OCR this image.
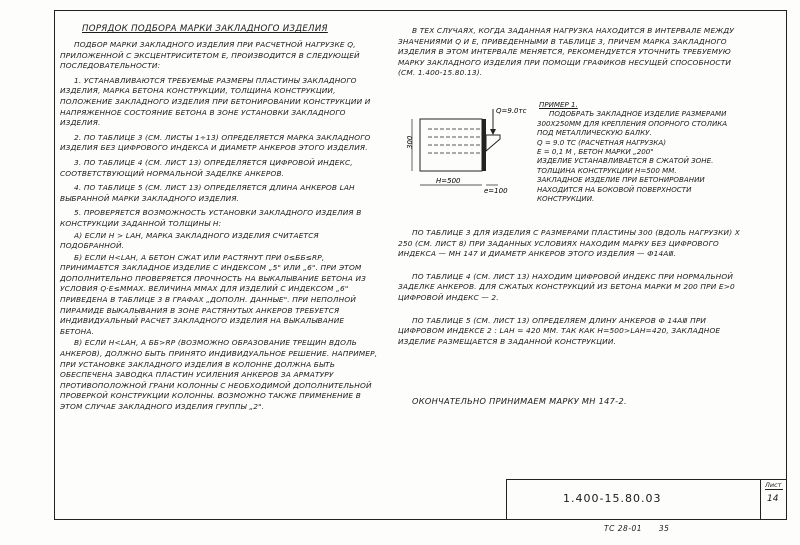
ПОРЯДОК ПОДБОРА МАРКИ ЗАКЛАДНОГО ИЗДЕЛИЯ

ПОДБОР МАРКИ ЗАКЛАДНОГО ИЗДЕЛИЯ ПРИ РАСЧЕТНОЙ НАГРУЗКЕ Q, ПРИЛОЖЕННОЙ С ЭКСЦЕНТРИСИТЕТОМ Е, ПРОИЗВОДИТСЯ В СЛЕДУЮЩЕЙ ПОСЛЕДОВАТЕЛЬНОСТИ:

1. УСТАНАВЛИВАЮТСЯ ТРЕБУЕМЫЕ РАЗМЕРЫ ПЛАСТИНЫ ЗАКЛАДНОГО ИЗДЕЛИЯ, МАРКА БЕТОНА КОНСТРУКЦИИ, ТОЛЩИНА КОНСТРУКЦИИ, ПОЛОЖЕНИЕ ЗАКЛАДНОГО ИЗДЕЛИЯ ПРИ БЕТОНИРОВАНИИ КОНСТРУКЦИИ И НАПРЯЖЕННОЕ СОСТОЯНИЕ БЕТОНА В ЗОНЕ УСТАНОВКИ ЗАКЛАДНОГО ИЗДЕЛИЯ.

2. ПО ТАБЛИЦЕ 3 (СМ. ЛИСТЫ 1÷13) ОПРЕДЕЛЯЕТСЯ МАРКА ЗАКЛАДНОГО ИЗДЕЛИЯ БЕЗ ЦИФРОВОГО ИНДЕКСА И ДИАМЕТР АНКЕРОВ ЭТОГО ИЗДЕЛИЯ.

3. ПО ТАБЛИЦЕ 4 (СМ. ЛИСТ 13) ОПРЕДЕЛЯЕТСЯ ЦИФРОВОЙ ИНДЕКС, СООТВЕТСТВУЮЩИЙ НОРМАЛЬНОЙ ЗАДЕЛКЕ АНКЕРОВ.

4. ПО ТАБЛИЦЕ 5 (СМ. ЛИСТ 13) ОПРЕДЕЛЯЕТСЯ ДЛИНА АНКЕРОВ LАН ВЫБРАННОЙ МАРКИ ЗАКЛАДНОГО ИЗДЕЛИЯ.

5. ПРОВЕРЯЕТСЯ ВОЗМОЖНОСТЬ УСТАНОВКИ ЗАКЛАДНОГО ИЗДЕЛИЯ В КОНСТРУКЦИИ ЗАДАННОЙ ТОЛЩИНЫ Н:

А) ЕСЛИ Н > LАН, МАРКА ЗАКЛАДНОГО ИЗДЕЛИЯ СЧИТАЕТСЯ ПОДОБРАННОЙ.

Б) ЕСЛИ Н<LАН, А БЕТОН СЖАТ ИЛИ РАСТЯНУТ ПРИ 0≤ББ≤RР, ПРИНИМАЕТСЯ ЗАКЛАДНОЕ ИЗДЕЛИЕ С ИНДЕКСОМ „5" ИЛИ „6". ПРИ ЭТОМ ДОПОЛНИТЕЛЬНО ПРОВЕРЯЕТСЯ ПРОЧНОСТЬ НА ВЫКАЛЫВАНИЕ БЕТОНА ИЗ УСЛОВИЯ Q·Е≤MMAX. ВЕЛИЧИНА MMAX ДЛЯ ИЗДЕЛИЙ С ИНДЕКСОМ „6" ПРИВЕДЕНА В ТАБЛИЦЕ 3 В ГРАФАХ „ДОПОЛН. ДАННЫЕ". ПРИ НЕПОЛНОЙ ПИРАМИДЕ ВЫКАЛЫВАНИЯ В ЗОНЕ РАСТЯНУТЫХ АНКЕРОВ ТРЕБУЕТСЯ ИНДИВИДУАЛЬНЫЙ РАСЧЕТ ЗАКЛАДНОГО ИЗДЕЛИЯ НА ВЫКАЛЫВАНИЕ БЕТОНА.

В) ЕСЛИ Н<LАН, А ББ>RР (ВОЗМОЖНО ОБРАЗОВАНИЕ ТРЕЩИН ВДОЛЬ АНКЕРОВ), ДОЛЖНО БЫТЬ ПРИНЯТО ИНДИВИДУАЛЬНОЕ РЕШЕНИЕ. НАПРИМЕР, ПРИ УСТАНОВКЕ ЗАКЛАДНОГО ИЗДЕЛИЯ В КОЛОННЕ ДОЛЖНА БЫТЬ ОБЕСПЕЧЕНА ЗАВОДКА ПЛАСТИН УСИЛЕНИЯ АНКЕРОВ ЗА АРМАТУРУ ПРОТИВОПОЛОЖНОЙ ГРАНИ КОЛОННЫ С НЕОБХОДИМОЙ ДОПОЛНИТЕЛЬНОЙ ПРОВЕРКОЙ КОНСТРУКЦИИ КОЛОННЫ. ВОЗМОЖНО ТАКЖЕ ПРИМЕНЕНИЕ В ЭТОМ СЛУЧАЕ ЗАКЛАДНОГО ИЗДЕЛИЯ ГРУППЫ „2".

В ТЕХ СЛУЧАЯХ, КОГДА ЗАДАННАЯ НАГРУЗКА НАХОДИТСЯ В ИНТЕРВАЛЕ МЕЖДУ ЗНАЧЕНИЯМИ Q И Е, ПРИВЕДЕННЫМИ В ТАБЛИЦЕ 3, ПРИЧЕМ МАРКА ЗАКЛАДНОГО ИЗДЕЛИЯ В ЭТОМ ИНТЕРВАЛЕ МЕНЯЕТСЯ, РЕКОМЕНДУЕТСЯ УТОЧНИТЬ ТРЕБУЕМУЮ МАРКУ ЗАКЛАДНОГО ИЗДЕЛИЯ ПРИ ПОМОЩИ ГРАФИКОВ НЕСУЩЕЙ СПОСОБНОСТИ (СМ. 1.400-15.80.13).

Q=9.0тс
300
Н=500
е=100

ПРИМЕР 1.

ПОДОБРАТЬ ЗАКЛАДНОЕ ИЗДЕЛИЕ РАЗМЕРАМИ 300X250ММ ДЛЯ КРЕПЛЕНИЯ ОПОРНОГО СТОЛИКА ПОД МЕТАЛЛИЧЕСКУЮ БАЛКУ.

Q = 9.0 ТС (РАСЧЕТНАЯ НАГРУЗКА)

Е = 0,1 М , БЕТОН МАРКИ „200"

ИЗДЕЛИЕ УСТАНАВЛИВАЕТСЯ В СЖАТОЙ ЗОНЕ.

ТОЛЩИНА КОНСТРУКЦИИ Н=500 ММ.

ЗАКЛАДНОЕ ИЗДЕЛИЕ ПРИ БЕТОНИРОВАНИИ НАХОДИТСЯ НА БОКОВОЙ ПОВЕРХНОСТИ КОНСТРУКЦИИ.

ПО ТАБЛИЦЕ 3 ДЛЯ ИЗДЕЛИЯ С РАЗМЕРАМИ ПЛАСТИНЫ 300 (ВДОЛЬ НАГРУЗКИ) X 250 (СМ. ЛИСТ 8) ПРИ ЗАДАННЫХ УСЛОВИЯХ НАХОДИМ МАРКУ БЕЗ ЦИФРОВОГО ИНДЕКСА — МН 147 И ДИАМЕТР АНКЕРОВ ЭТОГО ИЗДЕЛИЯ — Ф14АⅢ.

ПО ТАБЛИЦЕ 4 (СМ. ЛИСТ 13) НАХОДИМ ЦИФРОВОЙ ИНДЕКС ПРИ НОРМАЛЬНОЙ ЗАДЕЛКЕ АНКЕРОВ. ДЛЯ СЖАТЫХ КОНСТРУКЦИЙ ИЗ БЕТОНА МАРКИ М 200 ПРИ Е>0 ЦИФРОВОЙ ИНДЕКС — 2.

ПО ТАБЛИЦЕ 5 (СМ. ЛИСТ 13) ОПРЕДЕЛЯЕМ ДЛИНУ АНКЕРОВ Ф 14АⅢ ПРИ ЦИФРОВОМ ИНДЕКСЕ 2 : LАН = 420 ММ. ТАК КАК Н=500>LАН=420, ЗАКЛАДНОЕ ИЗДЕЛИЕ РАЗМЕЩАЕТСЯ В ЗАДАННОЙ КОНСТРУКЦИИ.

ОКОНЧАТЕЛЬНО ПРИНИМАЕМ МАРКУ МН 147-2.
1.400-15.80.03
Лист
14
ТС 28-01 35
